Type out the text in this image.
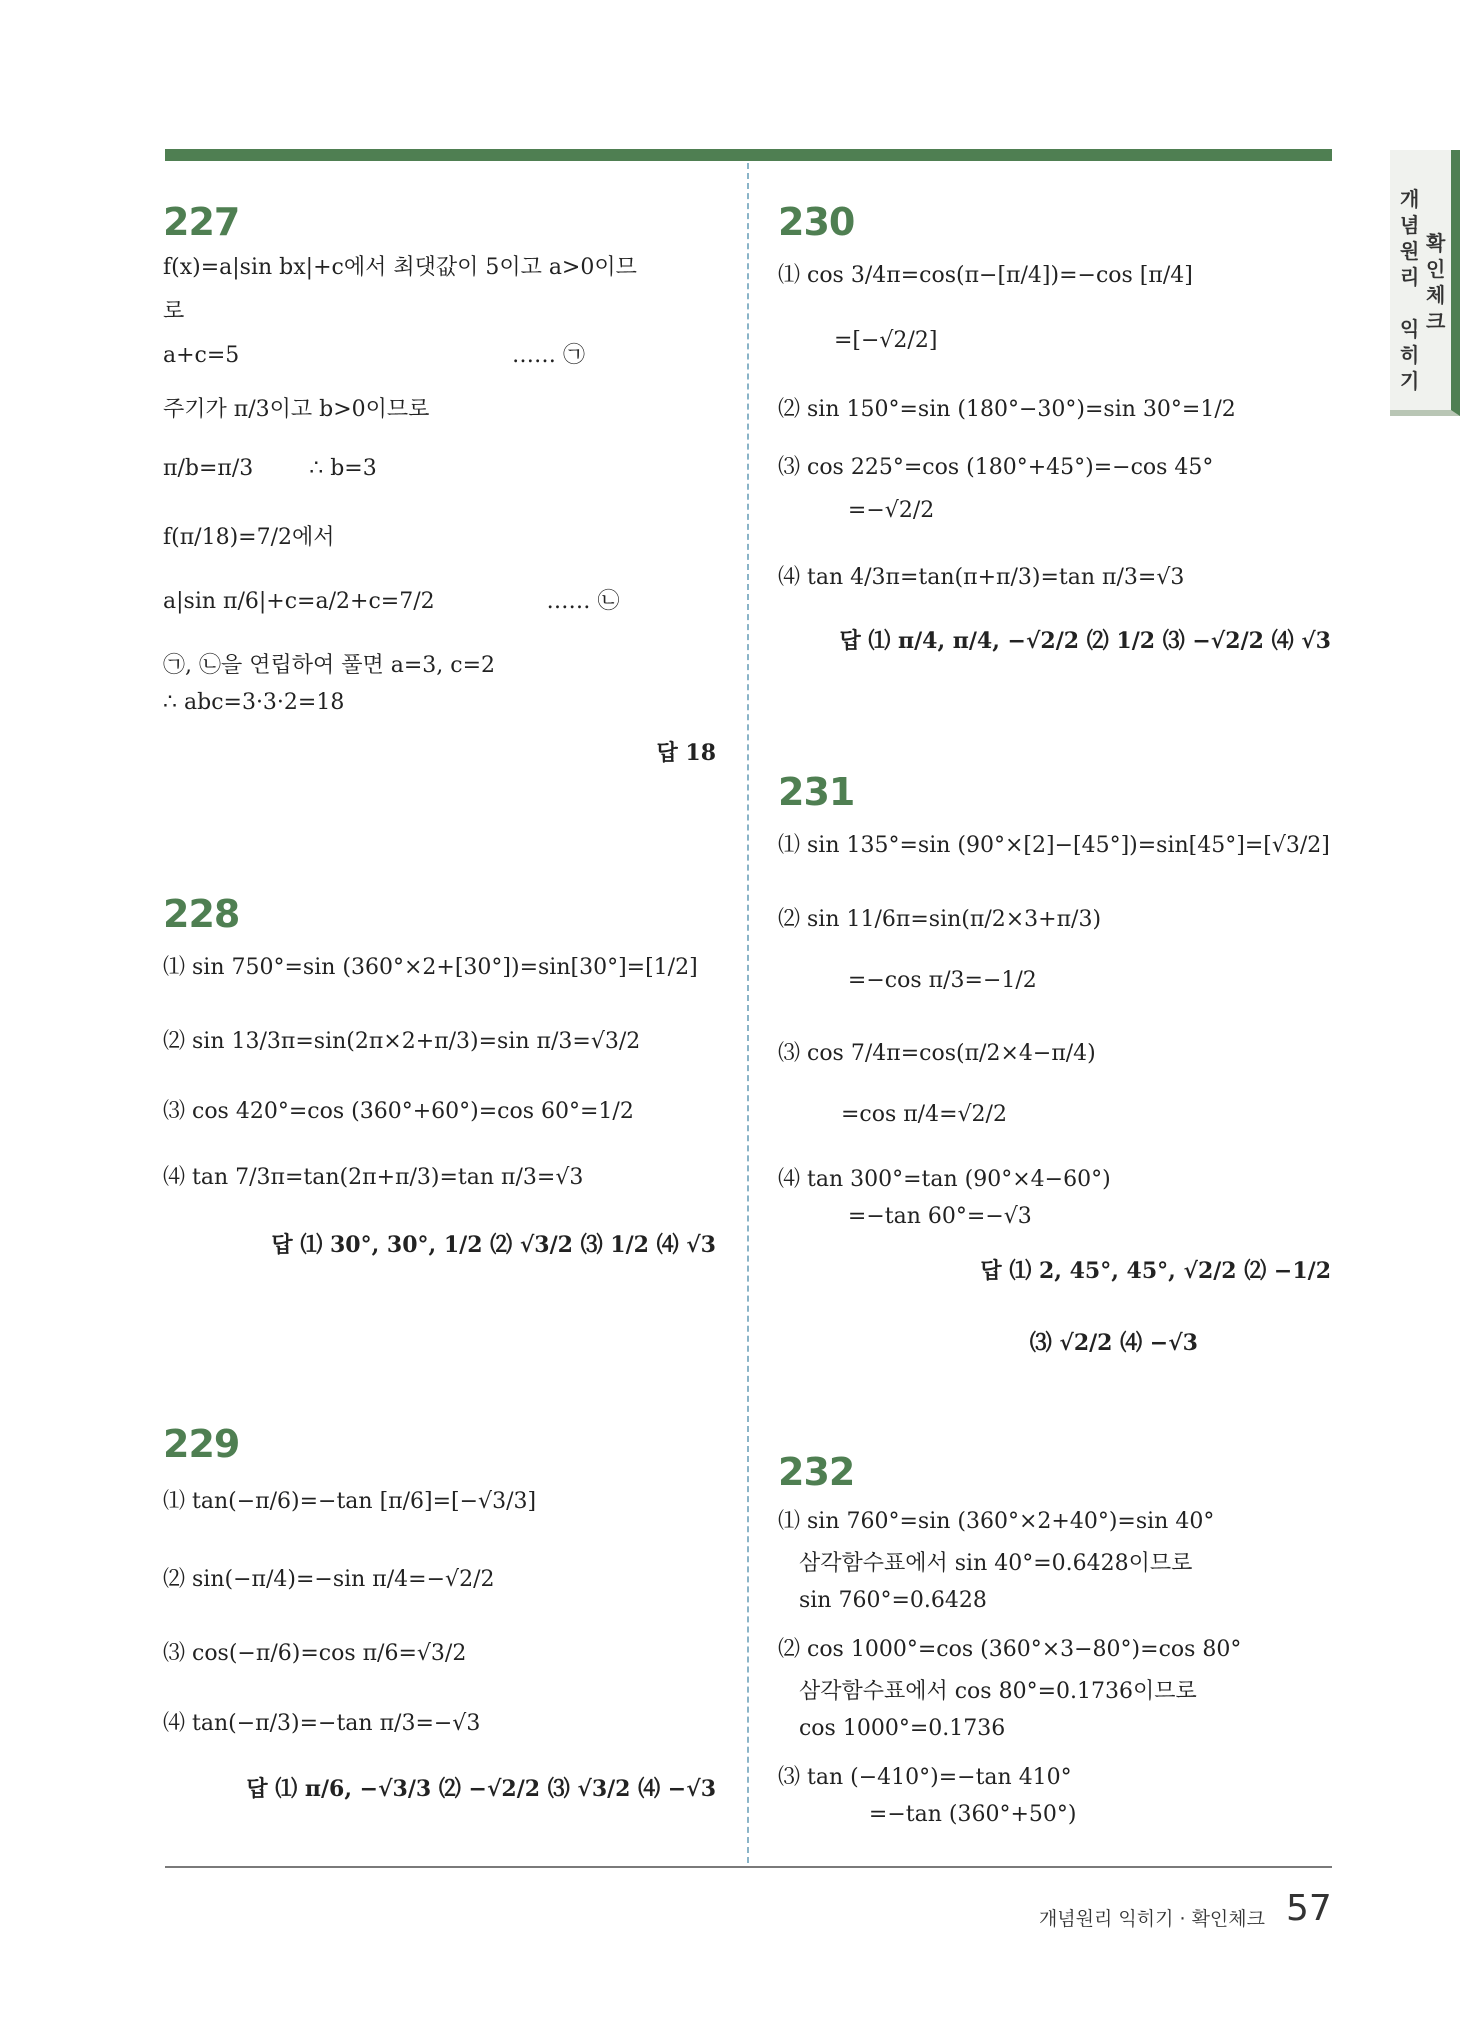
개
념
원
리

익
히
기
확
인
체
크
227
f(x)=a|sin bx|+c에서 최댓값이 5이고 a>0이므
로
a+c=5                                       …… ㉠
주기가 π/3이고 b>0이므로
π/b=π/3        ∴ b=3
f(π/18)=7/2에서
a|sin π/6|+c=a/2+c=7/2                …… ㉡
㉠, ㉡을 연립하여 풀면 a=3, c=2
∴ abc=3·3·2=18
답 18
228
⑴ sin 750°=sin (360°×2+[30°])=sin[30°]=[1/2]
⑵ sin 13/3π=sin(2π×2+π/3)=sin π/3=√3/2
⑶ cos 420°=cos (360°+60°)=cos 60°=1/2
⑷ tan 7/3π=tan(2π+π/3)=tan π/3=√3
답 ⑴ 30°, 30°, 1/2 ⑵ √3/2 ⑶ 1/2 ⑷ √3
229
⑴ tan(−π/6)=−tan [π/6]=[−√3/3]
⑵ sin(−π/4)=−sin π/4=−√2/2
⑶ cos(−π/6)=cos π/6=√3/2
⑷ tan(−π/3)=−tan π/3=−√3
답 ⑴ π/6, −√3/3 ⑵ −√2/2 ⑶ √3/2 ⑷ −√3
230
⑴ cos 3/4π=cos(π−[π/4])=−cos [π/4]
=[−√2/2]
⑵ sin 150°=sin (180°−30°)=sin 30°=1/2
⑶ cos 225°=cos (180°+45°)=−cos 45°
=−√2/2
⑷ tan 4/3π=tan(π+π/3)=tan π/3=√3
답 ⑴ π/4, π/4, −√2/2 ⑵ 1/2 ⑶ −√2/2 ⑷ √3
231
⑴ sin 135°=sin (90°×[2]−[45°])=sin[45°]=[√3/2]
⑵ sin 11/6π=sin(π/2×3+π/3)
=−cos π/3=−1/2
⑶ cos 7/4π=cos(π/2×4−π/4)
=cos π/4=√2/2
⑷ tan 300°=tan (90°×4−60°)
=−tan 60°=−√3
답 ⑴ 2, 45°, 45°, √2/2 ⑵ −1/2
⑶ √2/2 ⑷ −√3
232
⑴ sin 760°=sin (360°×2+40°)=sin 40°
삼각함수표에서 sin 40°=0.6428이므로
sin 760°=0.6428
⑵ cos 1000°=cos (360°×3−80°)=cos 80°
삼각함수표에서 cos 80°=0.1736이므로
cos 1000°=0.1736
⑶ tan (−410°)=−tan 410°
=−tan (360°+50°)
개념원리 익히기 · 확인체크 57
